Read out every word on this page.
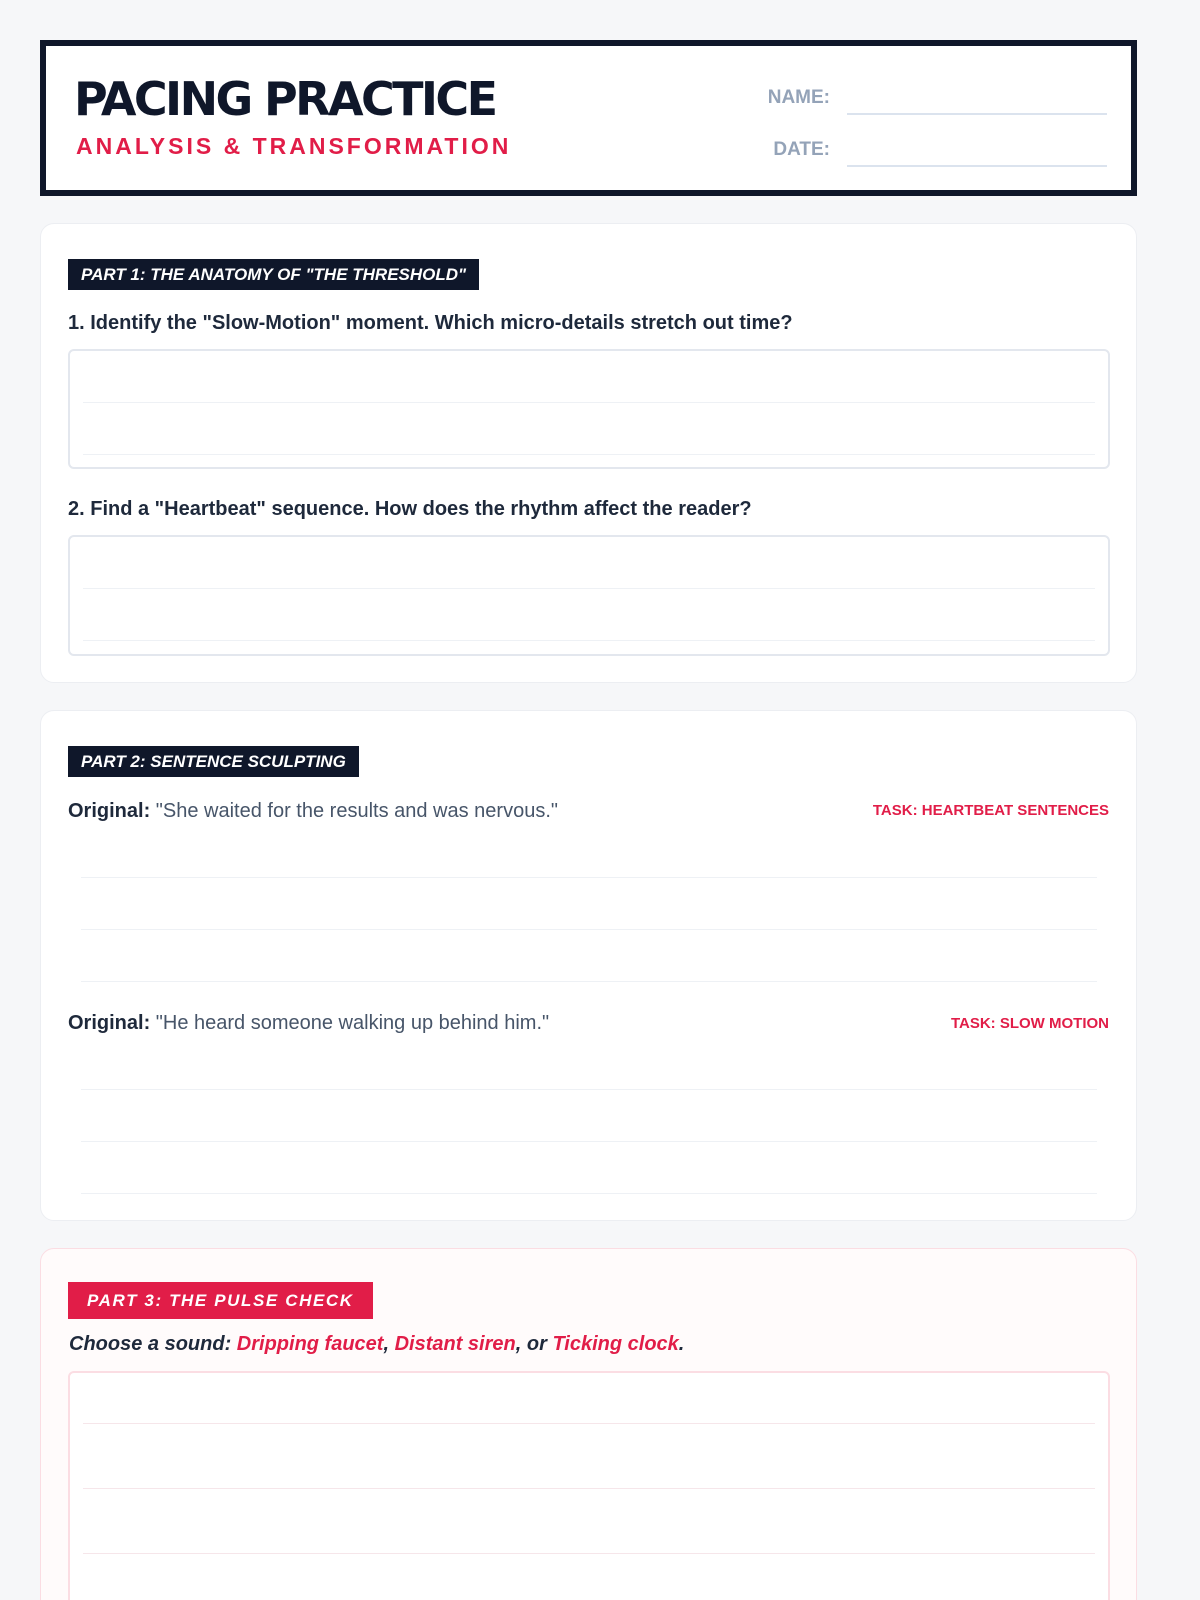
PACING PRACTICE
ANALYSIS & TRANSFORMATION
NAME:
DATE:
PART 1: THE ANATOMY OF "THE THRESHOLD"
1. Identify the "Slow-Motion" moment. Which micro-details stretch out time?
2. Find a "Heartbeat" sequence. How does the rhythm affect the reader?
PART 2: SENTENCE SCULPTING
Original: "She waited for the results and was nervous."	TASK: HEARTBEAT SENTENCES
Original: "He heard someone walking up behind him."	TASK: SLOW MOTION
PART 3: THE PULSE CHECK
Choose a sound: Dripping faucet, Distant siren, or Ticking clock.
